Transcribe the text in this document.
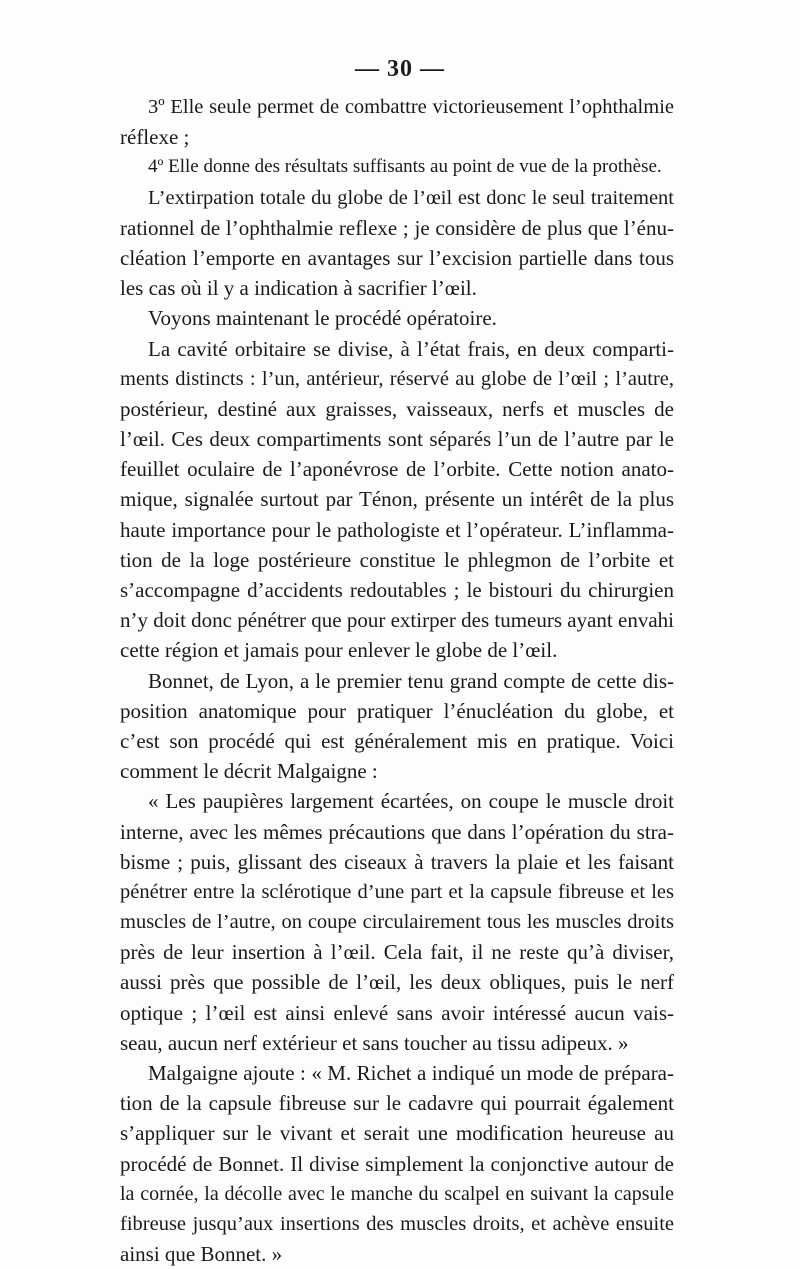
— 30 —
3º Elle seule permet de combattre victorieusement l’ophthalmie
réflexe ;
4º Elle donne des résultats suffisants au point de vue de la prothèse.
L’extirpation totale du globe de l’œil est donc le seul traitement
rationnel de l’ophthalmie reflexe ; je considère de plus que l’énu-
cléation l’emporte en avantages sur l’excision partielle dans tous
les cas où il y a indication à sacrifier l’œil.
Voyons maintenant le procédé opératoire.
La cavité orbitaire se divise, à l’état frais, en deux comparti-
ments distincts : l’un, antérieur, réservé au globe de l’œil ; l’autre,
postérieur, destiné aux graisses, vaisseaux, nerfs et muscles de
l’œil. Ces deux compartiments sont séparés l’un de l’autre par le
feuillet oculaire de l’aponévrose de l’orbite. Cette notion anato-
mique, signalée surtout par Ténon, présente un intérêt de la plus
haute importance pour le pathologiste et l’opérateur. L’inflamma-
tion de la loge postérieure constitue le phlegmon de l’orbite et
s’accompagne d’accidents redoutables ; le bistouri du chirurgien
n’y doit donc pénétrer que pour extirper des tumeurs ayant envahi
cette région et jamais pour enlever le globe de l’œil.
Bonnet, de Lyon, a le premier tenu grand compte de cette dis-
position anatomique pour pratiquer l’énucléation du globe, et
c’est son procédé qui est généralement mis en pratique. Voici
comment le décrit Malgaigne :
« Les paupières largement écartées, on coupe le muscle droit
interne, avec les mêmes précautions que dans l’opération du stra-
bisme ; puis, glissant des ciseaux à travers la plaie et les faisant
pénétrer entre la sclérotique d’une part et la capsule fibreuse et les
muscles de l’autre, on coupe circulairement tous les muscles droits
près de leur insertion à l’œil. Cela fait, il ne reste qu’à diviser,
aussi près que possible de l’œil, les deux obliques, puis le nerf
optique ; l’œil est ainsi enlevé sans avoir intéressé aucun vais-
seau, aucun nerf extérieur et sans toucher au tissu adipeux. »
Malgaigne ajoute : « M. Richet a indiqué un mode de prépara-
tion de la capsule fibreuse sur le cadavre qui pourrait également
s’appliquer sur le vivant et serait une modification heureuse au
procédé de Bonnet. Il divise simplement la conjonctive autour de
la cornée, la décolle avec le manche du scalpel en suivant la capsule
fibreuse jusqu’aux insertions des muscles droits, et achève ensuite
ainsi que Bonnet. »
